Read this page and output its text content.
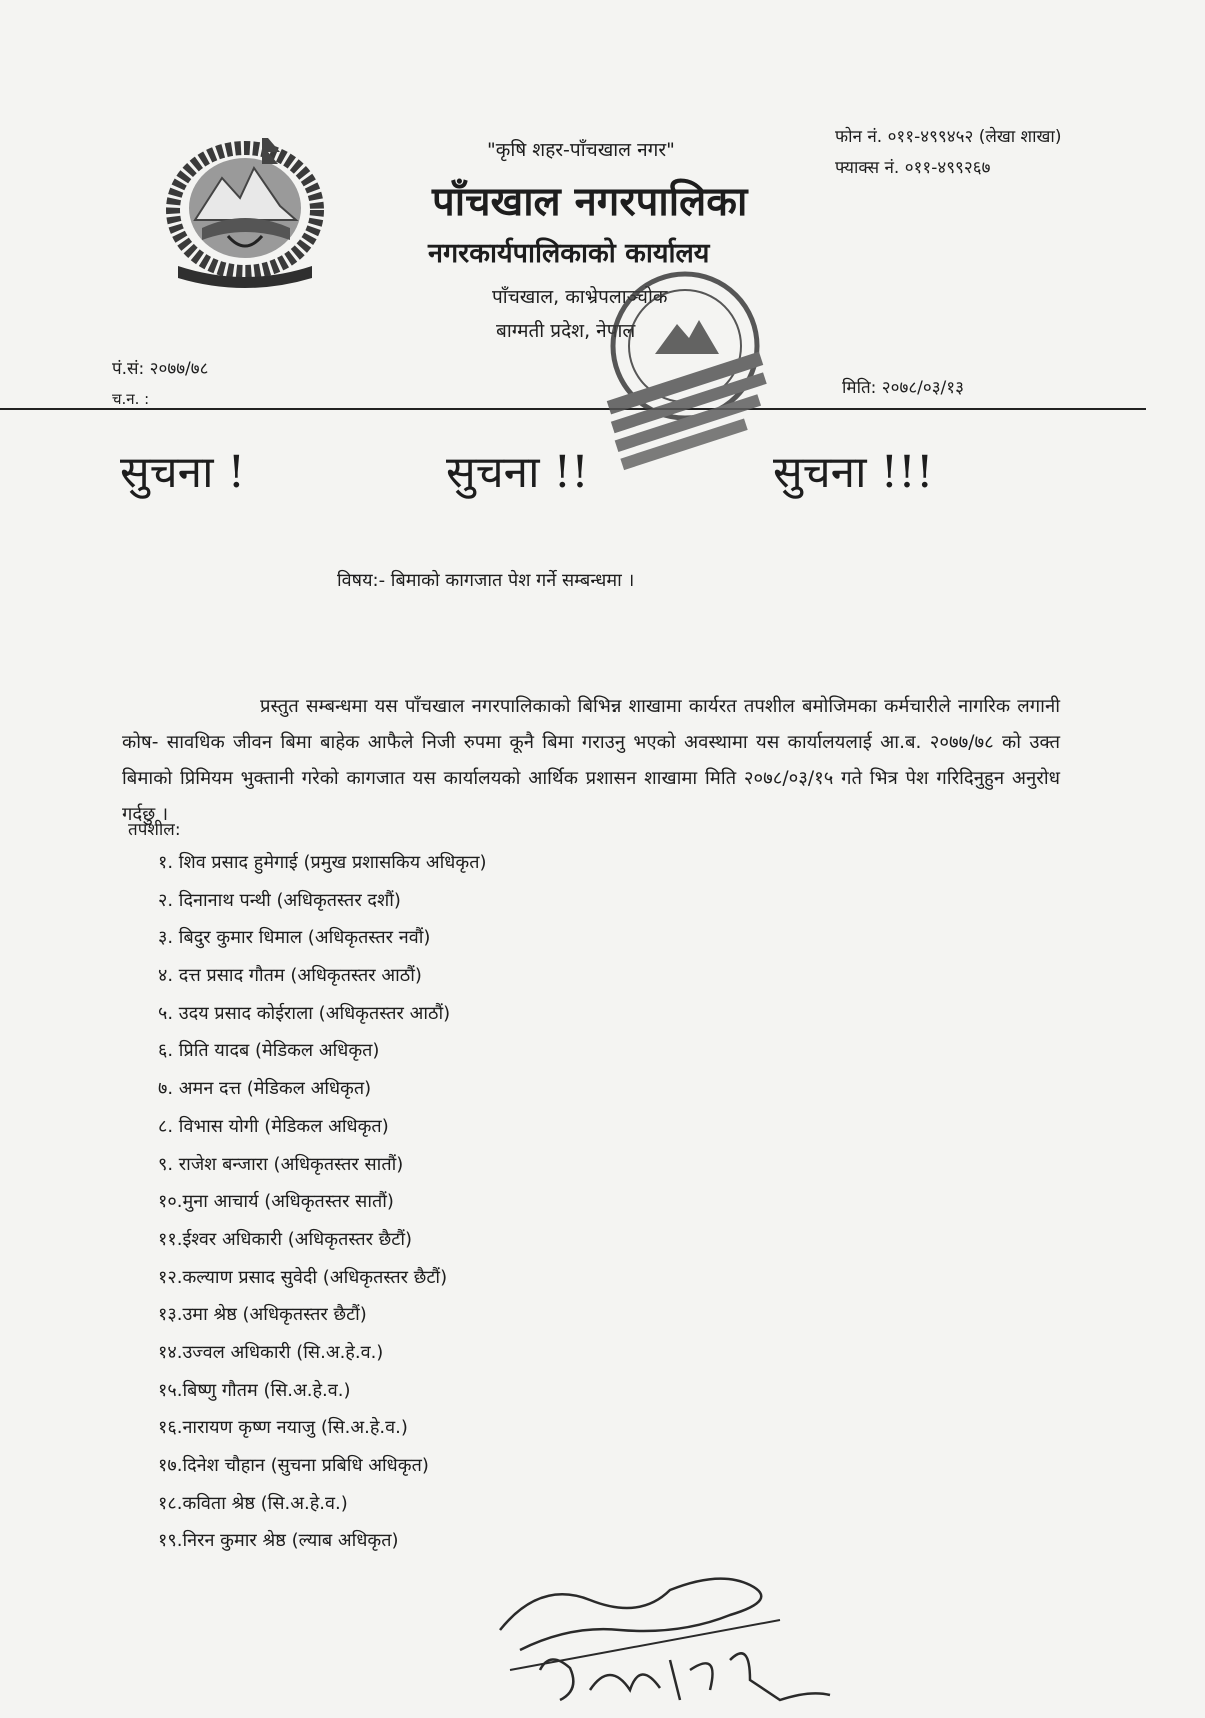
"कृषि शहर-पाँचखाल नगर"
पाँचखाल नगरपालिका
नगरकार्यपालिकाको कार्यालय
पाँचखाल, काभ्रेपलाञ्चोक
बाग्मती प्रदेश, नेपाल
फोन नं. ०११-४९९४५२ (लेखा शाखा)
फ्याक्स नं. ०११-४९९२६७
पं.सं: २०७७/७८
च.न. :
मिति: २०७८/०३/१३
सुचना !	सुचना !!	सुचना !!!
विषय:- बिमाको कागजात पेश गर्ने सम्बन्धमा ।

प्रस्तुत सम्बन्धमा यस पाँचखाल नगरपालिकाको बिभिन्न शाखामा कार्यरत तपशील बमोजिमका कर्मचारीले नागरिक लगानी कोष- सावधिक जीवन बिमा बाहेक आफैले निजी रुपमा कूनै बिमा गराउनु भएको अवस्थामा यस कार्यालयलाई आ.ब. २०७७/७८ को उक्त बिमाको प्रिमियम भुक्तानी गरेको कागजात यस कार्यालयको आर्थिक प्रशासन शाखामा मिति २०७८/०३/१५ गते भित्र पेश गरिदिनुहुन अनुरोध गर्दछु ।

तपशील:
१. शिव प्रसाद हुमेगाई (प्रमुख प्रशासकिय अधिकृत)
२. दिनानाथ पन्थी (अधिकृतस्तर दशौं)
३. बिदुर कुमार धिमाल (अधिकृतस्तर नवौं)
४. दत्त प्रसाद गौतम (अधिकृतस्तर आठौं)
५. उदय प्रसाद कोईराला (अधिकृतस्तर आठौं)
६. प्रिति यादब (मेडिकल अधिकृत)
७. अमन दत्त (मेडिकल अधिकृत)
८. विभास योगी (मेडिकल अधिकृत)
९. राजेश बन्जारा (अधिकृतस्तर सातौं)
१०.मुना आचार्य (अधिकृतस्तर सातौं)
११.ईश्वर अधिकारी (अधिकृतस्तर छैटौं)
१२.कल्याण प्रसाद सुवेदी (अधिकृतस्तर छैटौं)
१३.उमा श्रेष्ठ (अधिकृतस्तर छैटौं)
१४.उज्वल अधिकारी (सि.अ.हे.व.)
१५.बिष्णु गौतम (सि.अ.हे.व.)
१६.नारायण कृष्ण नयाजु (सि.अ.हे.व.)
१७.दिनेश चौहान (सुचना प्रबिधि अधिकृत)
१८.कविता श्रेष्ठ (सि.अ.हे.व.)
१९.निरन कुमार श्रेष्ठ (ल्याब अधिकृत)
